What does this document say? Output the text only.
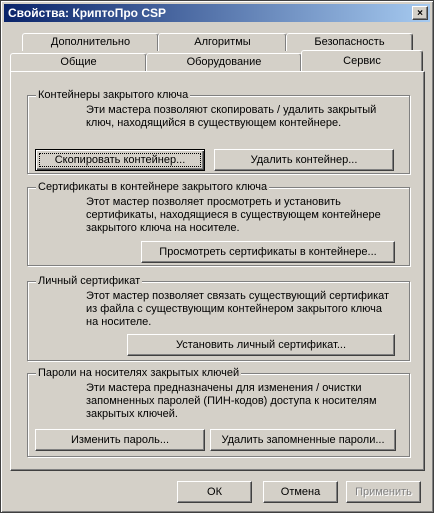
Свойства: КриптоПро CSP	×
Дополнительно	Алгоритмы	Безопасность
Общие	Оборудование	Сервис
Контейнеры закрытого ключа
Эти мастера позволяют скопировать / удалить закрытый ключ, находящийся в существующем контейнере.
Скопировать контейнер...	Удалить контейнер...
Сертификаты в контейнере закрытого ключа
Этот мастер позволяет просмотреть и установить сертификаты, находящиеся в существующем контейнере закрытого ключа на носителе.
Просмотреть сертификаты в контейнере...
Личный сертификат
Этот мастер позволяет связать существующий сертификат из файла с существующим контейнером закрытого ключа на носителе.
Установить личный сертификат...
Пароли на носителях закрытых ключей
Эти мастера предназначены для изменения / очистки запомненных паролей (ПИН-кодов) доступа к носителям закрытых ключей.
Изменить пароль...	Удалить запомненные пароли...
ОК	Отмена	Применить
